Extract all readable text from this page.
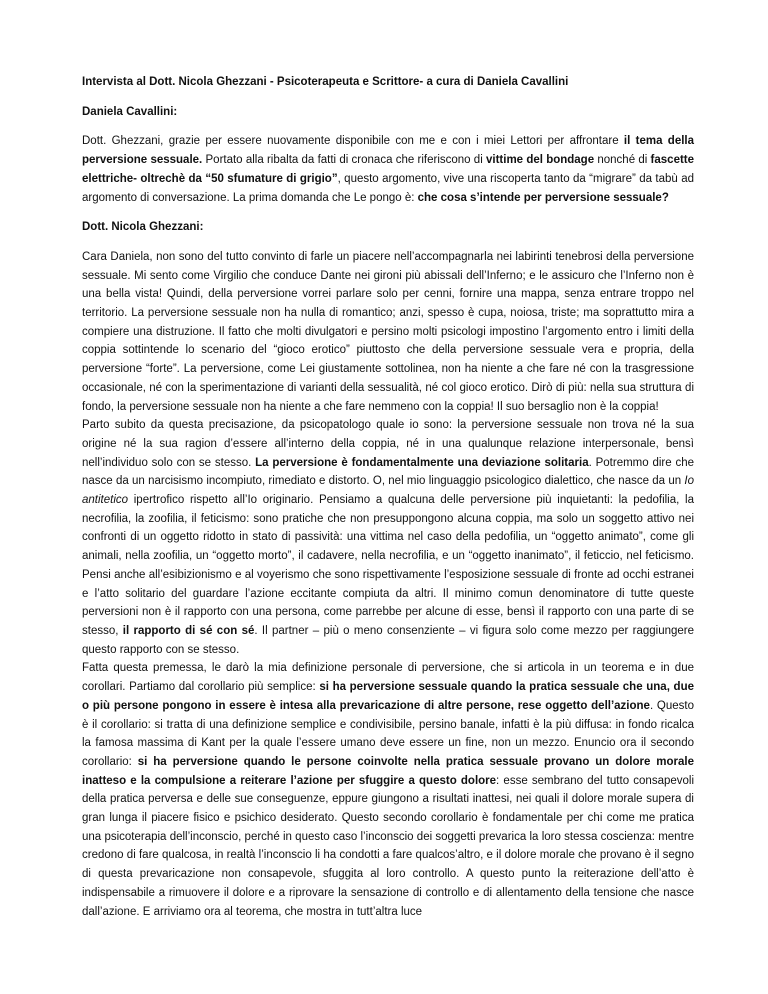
Intervista al Dott. Nicola Ghezzani - Psicoterapeuta e Scrittore- a cura di Daniela Cavallini

Daniela Cavallini:

Dott. Ghezzani, grazie per essere nuovamente disponibile con me e con i miei Lettori per affrontare il tema della perversione sessuale. Portato alla ribalta da fatti di cronaca che riferiscono di vittime del bondage nonché di fascette elettriche- oltrechè da “50 sfumature di grigio”, questo argomento, vive una riscoperta tanto da “migrare” da tabù ad argomento di conversazione. La prima domanda che Le pongo è: che cosa s’intende per perversione sessuale?

Dott. Nicola Ghezzani:

Cara Daniela, non sono del tutto convinto di farle un piacere nell’accompagnarla nei labirinti tenebrosi della perversione sessuale. Mi sento come Virgilio che conduce Dante nei gironi più abissali dell’Inferno; e le assicuro che l’Inferno non è una bella vista! Quindi, della perversione vorrei parlare solo per cenni, fornire una mappa, senza entrare troppo nel territorio. La perversione sessuale non ha nulla di romantico; anzi, spesso è cupa, noiosa, triste; ma soprattutto mira a compiere una distruzione. Il fatto che molti divulgatori e persino molti psicologi impostino l’argomento entro i limiti della coppia sottintende lo scenario del “gioco erotico” piuttosto che della perversione sessuale vera e propria, della perversione “forte”. La perversione, come Lei giustamente sottolinea, non ha niente a che fare né con la trasgressione occasionale, né con la sperimentazione di varianti della sessualità, né col gioco erotico. Dirò di più: nella sua struttura di fondo, la perversione sessuale non ha niente a che fare nemmeno con la coppia! Il suo bersaglio non è la coppia!

Parto subito da questa precisazione, da psicopatologo quale io sono: la perversione sessuale non trova né la sua origine né la sua ragion d’essere all’interno della coppia, né in una qualunque relazione interpersonale, bensì nell’individuo solo con se stesso. La perversione è fondamentalmente una deviazione solitaria. Potremmo dire che nasce da un narcisismo incompiuto, rimediato e distorto. O, nel mio linguaggio psicologico dialettico, che nasce da un Io antitetico ipertrofico rispetto all’Io originario. Pensiamo a qualcuna delle perversione più inquietanti: la pedofilia, la necrofilia, la zoofilia, il feticismo: sono pratiche che non presuppongono alcuna coppia, ma solo un soggetto attivo nei confronti di un oggetto ridotto in stato di passività: una vittima nel caso della pedofilia, un “oggetto animato”, come gli animali, nella zoofilia, un “oggetto morto”, il cadavere, nella necrofilia, e un “oggetto inanimato”, il feticcio, nel feticismo. Pensi anche all’esibizionismo e al voyerismo che sono rispettivamente l’esposizione sessuale di fronte ad occhi estranei e l’atto solitario del guardare l’azione eccitante compiuta da altri. Il minimo comun denominatore di tutte queste perversioni non è il rapporto con una persona, come parrebbe per alcune di esse, bensì il rapporto con una parte di se stesso, il rapporto di sé con sé. Il partner – più o meno consenziente – vi figura solo come mezzo per raggiungere questo rapporto con se stesso.

Fatta questa premessa, le darò la mia definizione personale di perversione, che si articola in un teorema e in due corollari. Partiamo dal corollario più semplice: si ha perversione sessuale quando la pratica sessuale che una, due o più persone pongono in essere è intesa alla prevaricazione di altre persone, rese oggetto dell’azione. Questo è il corollario: si tratta di una definizione semplice e condivisibile, persino banale, infatti è la più diffusa: in fondo ricalca la famosa massima di Kant per la quale l’essere umano deve essere un fine, non un mezzo. Enuncio ora il secondo corollario: si ha perversione quando le persone coinvolte nella pratica sessuale provano un dolore morale inatteso e la compulsione a reiterare l’azione per sfuggire a questo dolore: esse sembrano del tutto consapevoli della pratica perversa e delle sue conseguenze, eppure giungono a risultati inattesi, nei quali il dolore morale supera di gran lunga il piacere fisico e psichico desiderato. Questo secondo corollario è fondamentale per chi come me pratica una psicoterapia dell’inconscio, perché in questo caso l’inconscio dei soggetti prevarica la loro stessa coscienza: mentre credono di fare qualcosa, in realtà l’inconscio li ha condotti a fare qualcos’altro, e il dolore morale che provano è il segno di questa prevaricazione non consapevole, sfuggita al loro controllo. A questo punto la reiterazione dell’atto è indispensabile a rimuovere il dolore e a riprovare la sensazione di controllo e di allentamento della tensione che nasce dall’azione. E arriviamo ora al teorema, che mostra in tutt’altra luce
